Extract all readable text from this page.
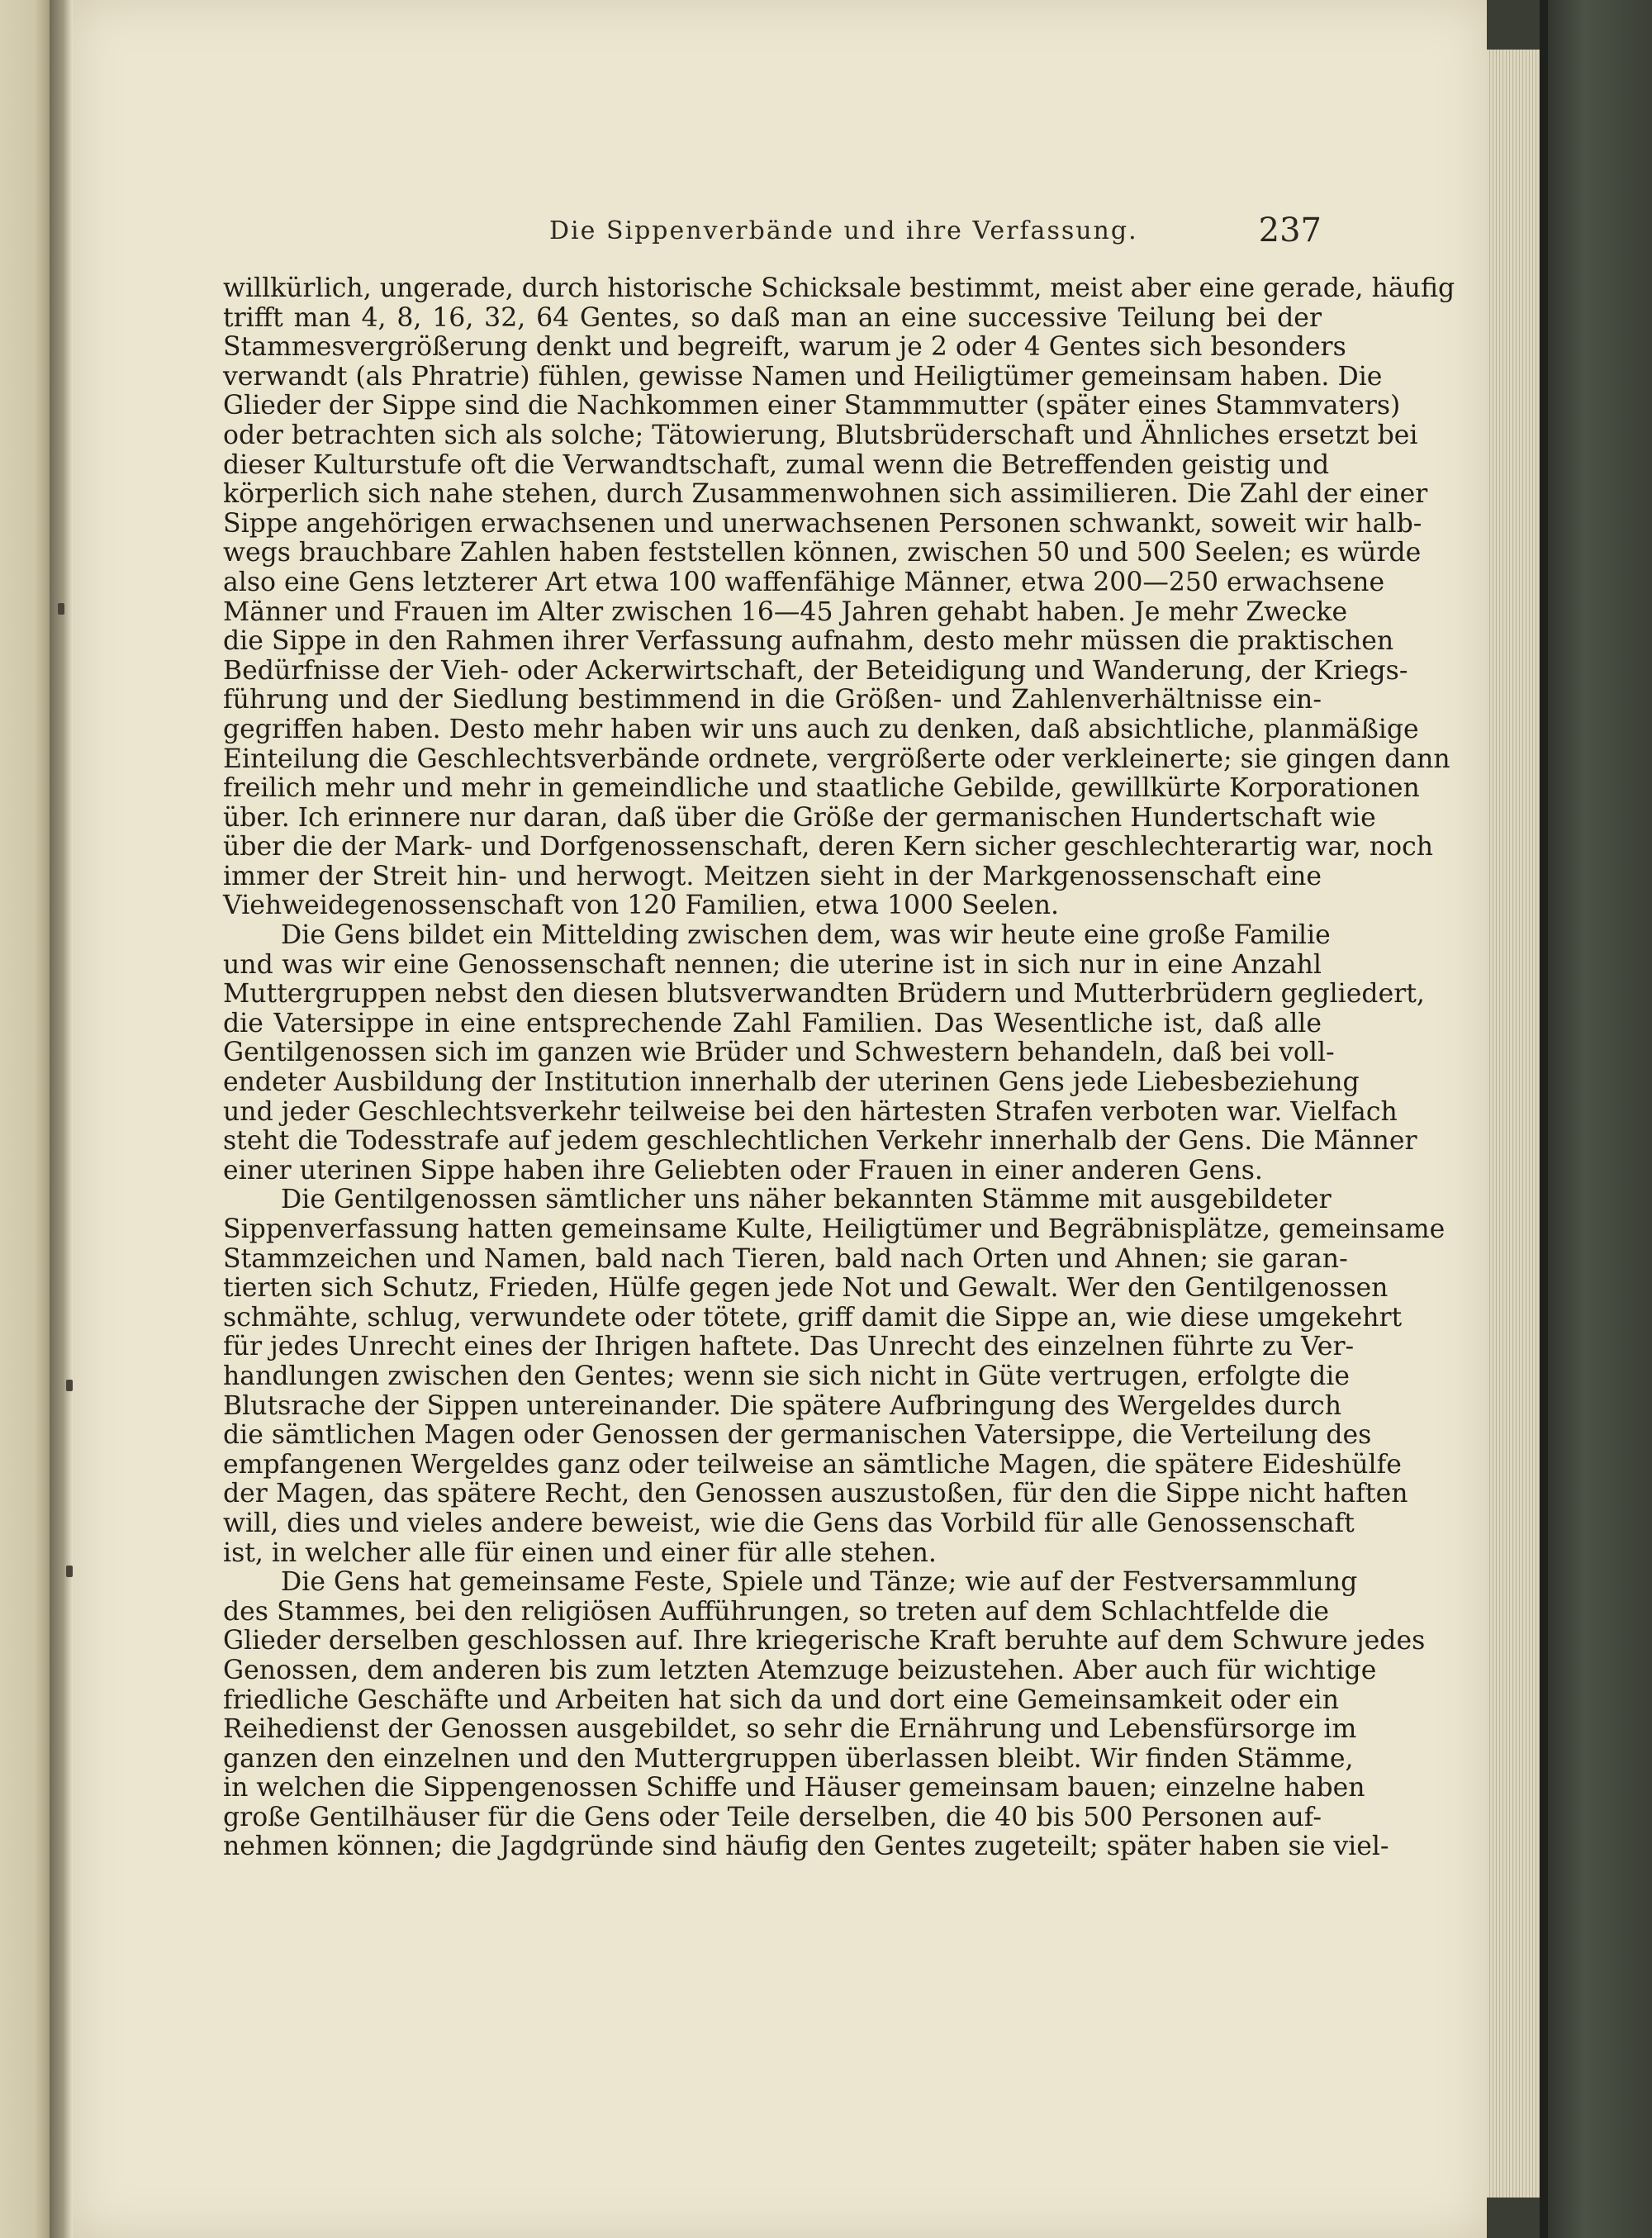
Die Sippenverbände und ihre Verfassung.	237
willkürlich, ungerade, durch historische Schicksale bestimmt, meist aber eine gerade, häufig
trifft man 4, 8, 16, 32, 64 Gentes, so daß man an eine successive Teilung bei der
Stammesvergrößerung denkt und begreift, warum je 2 oder 4 Gentes sich besonders
verwandt (als Phratrie) fühlen, gewisse Namen und Heiligtümer gemeinsam haben. Die
Glieder der Sippe sind die Nachkommen einer Stammmutter (später eines Stammvaters)
oder betrachten sich als solche; Tätowierung, Blutsbrüderschaft und Ähnliches ersetzt bei
dieser Kulturstufe oft die Verwandtschaft, zumal wenn die Betreffenden geistig und
körperlich sich nahe stehen, durch Zusammenwohnen sich assimilieren. Die Zahl der einer
Sippe angehörigen erwachsenen und unerwachsenen Personen schwankt, soweit wir halb-
wegs brauchbare Zahlen haben feststellen können, zwischen 50 und 500 Seelen; es würde
also eine Gens letzterer Art etwa 100 waffenfähige Männer, etwa 200—250 erwachsene
Männer und Frauen im Alter zwischen 16—45 Jahren gehabt haben. Je mehr Zwecke
die Sippe in den Rahmen ihrer Verfassung aufnahm, desto mehr müssen die praktischen
Bedürfnisse der Vieh- oder Ackerwirtschaft, der Beteidigung und Wanderung, der Kriegs-
führung und der Siedlung bestimmend in die Größen- und Zahlenverhältnisse ein-
gegriffen haben. Desto mehr haben wir uns auch zu denken, daß absichtliche, planmäßige
Einteilung die Geschlechtsverbände ordnete, vergrößerte oder verkleinerte; sie gingen dann
freilich mehr und mehr in gemeindliche und staatliche Gebilde, gewillkürte Korporationen
über. Ich erinnere nur daran, daß über die Größe der germanischen Hundertschaft wie
über die der Mark- und Dorfgenossenschaft, deren Kern sicher geschlechterartig war, noch
immer der Streit hin- und herwogt. Meitzen sieht in der Markgenossenschaft eine
Viehweidegenossenschaft von 120 Familien, etwa 1000 Seelen.
Die Gens bildet ein Mittelding zwischen dem, was wir heute eine große Familie
und was wir eine Genossenschaft nennen; die uterine ist in sich nur in eine Anzahl
Muttergruppen nebst den diesen blutsverwandten Brüdern und Mutterbrüdern gegliedert,
die Vatersippe in eine entsprechende Zahl Familien. Das Wesentliche ist, daß alle
Gentilgenossen sich im ganzen wie Brüder und Schwestern behandeln, daß bei voll-
endeter Ausbildung der Institution innerhalb der uterinen Gens jede Liebesbeziehung
und jeder Geschlechtsverkehr teilweise bei den härtesten Strafen verboten war. Vielfach
steht die Todesstrafe auf jedem geschlechtlichen Verkehr innerhalb der Gens. Die Männer
einer uterinen Sippe haben ihre Geliebten oder Frauen in einer anderen Gens.
Die Gentilgenossen sämtlicher uns näher bekannten Stämme mit ausgebildeter
Sippenverfassung hatten gemeinsame Kulte, Heiligtümer und Begräbnisplätze, gemeinsame
Stammzeichen und Namen, bald nach Tieren, bald nach Orten und Ahnen; sie garan-
tierten sich Schutz, Frieden, Hülfe gegen jede Not und Gewalt. Wer den Gentilgenossen
schmähte, schlug, verwundete oder tötete, griff damit die Sippe an, wie diese umgekehrt
für jedes Unrecht eines der Ihrigen haftete. Das Unrecht des einzelnen führte zu Ver-
handlungen zwischen den Gentes; wenn sie sich nicht in Güte vertrugen, erfolgte die
Blutsrache der Sippen untereinander. Die spätere Aufbringung des Wergeldes durch
die sämtlichen Magen oder Genossen der germanischen Vatersippe, die Verteilung des
empfangenen Wergeldes ganz oder teilweise an sämtliche Magen, die spätere Eideshülfe
der Magen, das spätere Recht, den Genossen auszustoßen, für den die Sippe nicht haften
will, dies und vieles andere beweist, wie die Gens das Vorbild für alle Genossenschaft
ist, in welcher alle für einen und einer für alle stehen.
Die Gens hat gemeinsame Feste, Spiele und Tänze; wie auf der Festversammlung
des Stammes, bei den religiösen Aufführungen, so treten auf dem Schlachtfelde die
Glieder derselben geschlossen auf. Ihre kriegerische Kraft beruhte auf dem Schwure jedes
Genossen, dem anderen bis zum letzten Atemzuge beizustehen. Aber auch für wichtige
friedliche Geschäfte und Arbeiten hat sich da und dort eine Gemeinsamkeit oder ein
Reihedienst der Genossen ausgebildet, so sehr die Ernährung und Lebensfürsorge im
ganzen den einzelnen und den Muttergruppen überlassen bleibt. Wir finden Stämme,
in welchen die Sippengenossen Schiffe und Häuser gemeinsam bauen; einzelne haben
große Gentilhäuser für die Gens oder Teile derselben, die 40 bis 500 Personen auf-
nehmen können; die Jagdgründe sind häufig den Gentes zugeteilt; später haben sie viel-
